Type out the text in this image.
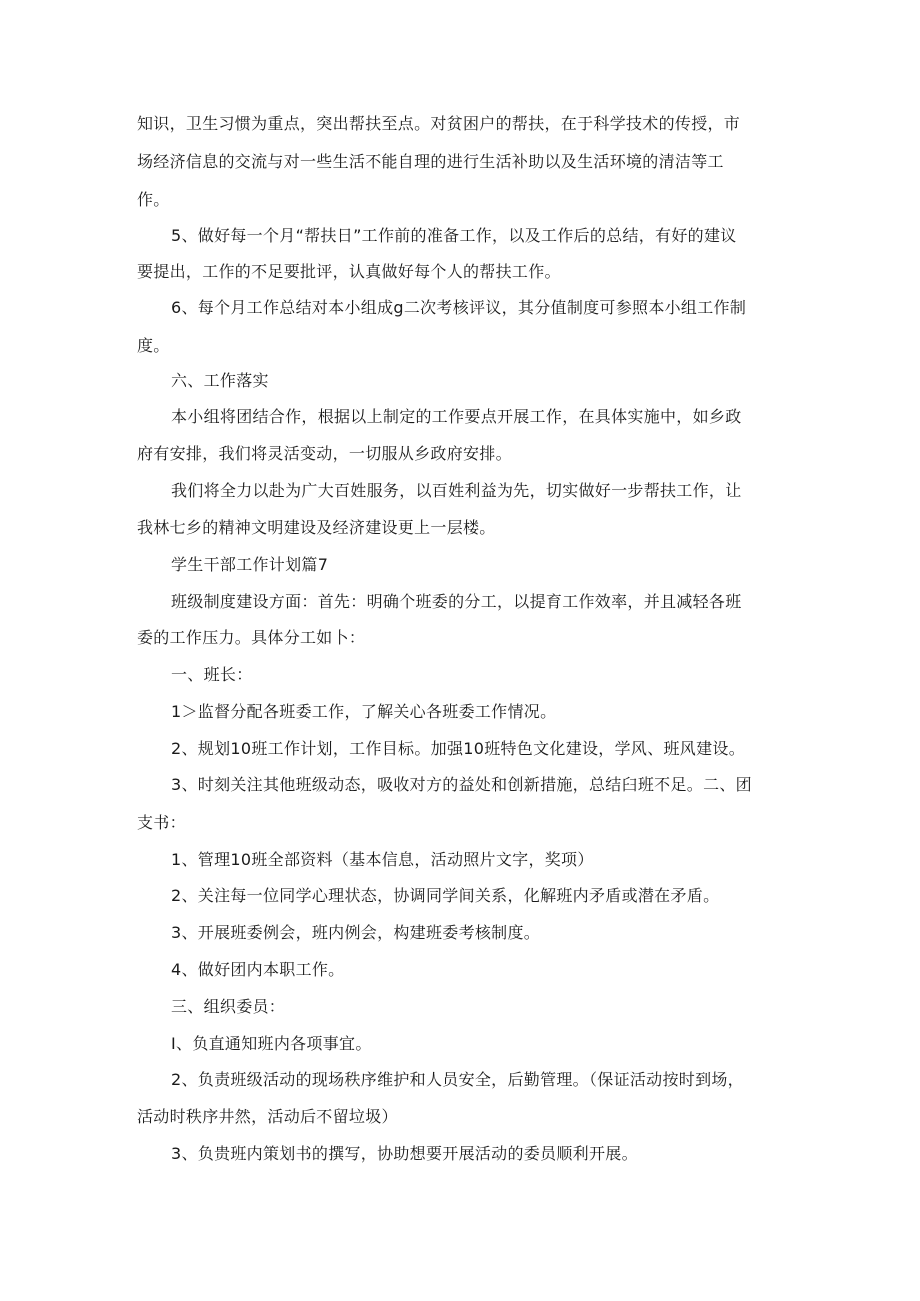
知识，卫生习惯为重点，突出帮扶至点。对贫困户的帮扶，在于科学技术的传授，市
场经济信息的交流与对一些生活不能自理的进行生活补助以及生活环境的清洁等工
作。
5、做好每一个月“帮扶日”工作前的准备工作，以及工作后的总结，有好的建议
要提出，工作的不足要批评，认真做好每个人的帮扶工作。
6、每个月工作总结对本小组成g二次考核评议，其分值制度可参照本小组工作制
度。
六、工作落实
本小组将团结合作，根据以上制定的工作要点开展工作，在具体实施中，如乡政
府有安排，我们将灵活变动，一切服从乡政府安排。
我们将全力以赴为广大百姓服务，以百姓利益为先，切实做好一步帮扶工作，让
我林七乡的精神文明建设及经济建设更上一层楼。
学生干部工作计划篇7
班级制度建设方面：首先：明确个班委的分工，以提育工作效率，并且减轻各班
委的工作压力。具体分工如卜：
一、班长：
1＞监督分配各班委工作，了解关心各班委工作情况。
2、规划10班工作计划，工作目标。加强10班特色文化建设，学风、班风建设。
3、时刻关注其他班级动态，吸收对方的益处和创新措施，总结臼班不足。二、团
支书：
1、管理10班全部资料（基本信息，活动照片文字，奖项）
2、关注每一位同学心理状态，协调同学间关系，化解班内矛盾或潜在矛盾。
3、开展班委例会，班内例会，构建班委考核制度。
4、做好团内本职工作。
三、组织委员：
I、负直通知班内各项事宜。
2、负责班级活动的现场秩序维护和人员安全，后勤管理。（保证活动按时到场，
活动时秩序井然，活动后不留垃圾）
3、负贵班内策划书的撰写，协助想要开展活动的委员顺利开展。
